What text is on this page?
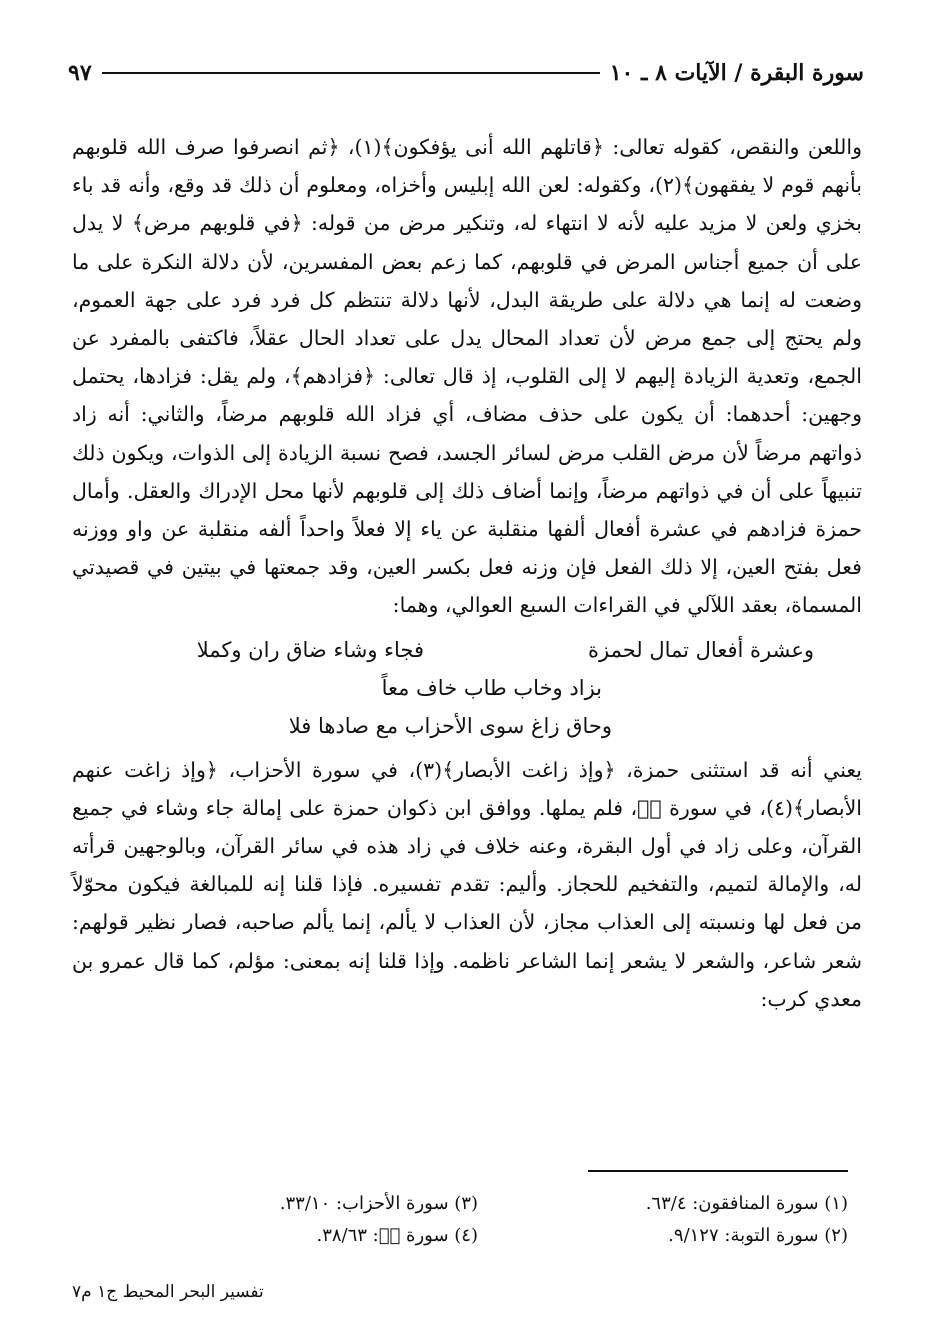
سورة البقرة / الآيات ٨ ـ ١٠
٩٧

واللعن والنقص، كقوله تعالى: ﴿قاتلهم الله أنى يؤفكون﴾(١)، ﴿ثم انصرفوا صرف الله قلوبهم بأنهم قوم لا يفقهون﴾(٢)، وكقوله: لعن الله إبليس وأخزاه، ومعلوم أن ذلك قد وقع، وأنه قد باء بخزي ولعن لا مزيد عليه لأنه لا انتهاء له، وتنكير مرض من قوله: ﴿في قلوبهم مرض﴾ لا يدل على أن جميع أجناس المرض في قلوبهم، كما زعم بعض المفسرين، لأن دلالة النكرة على ما وضعت له إنما هي دلالة على طريقة البدل، لأنها دلالة تنتظم كل فرد فرد على جهة العموم، ولم يحتج إلى جمع مرض لأن تعداد المحال يدل على تعداد الحال عقلاً، فاكتفى بالمفرد عن الجمع، وتعدية الزيادة إليهم لا إلى القلوب، إذ قال تعالى: ﴿فزادهم﴾، ولم يقل: فزادها، يحتمل وجهين: أحدهما: أن يكون على حذف مضاف، أي فزاد الله قلوبهم مرضاً، والثاني: أنه زاد ذواتهم مرضاً لأن مرض القلب مرض لسائر الجسد، فصح نسبة الزيادة إلى الذوات، ويكون ذلك تنبيهاً على أن في ذواتهم مرضاً، وإنما أضاف ذلك إلى قلوبهم لأنها محل الإدراك والعقل. وأمال حمزة فزادهم في عشرة أفعال ألفها منقلبة عن ياء إلا فعلاً واحداً ألفه منقلبة عن واو ووزنه فعل بفتح العين، إلا ذلك الفعل فإن وزنه فعل بكسر العين، وقد جمعتها في بيتين في قصيدتي المسماة، بعقد اللآلي في القراءات السبع العوالي، وهما:

وعشرة أفعال تمال لحمزة
فجاء وشاء ضاق ران وكملا
بزاد وخاب طاب خاف معاً
وحاق زاغ سوى الأحزاب مع صادها فلا

يعني أنه قد استثنى حمزة، ﴿وإذ زاغت الأبصار﴾(٣)، في سورة الأحزاب، ﴿وإذ زاغت عنهم الأبصار﴾(٤)، في سورة صۤ، فلم يملها. ووافق ابن ذكوان حمزة على إمالة جاء وشاء في جميع القرآن، وعلى زاد في أول البقرة، وعنه خلاف في زاد هذه في سائر القرآن، وبالوجهين قرأته له، والإمالة لتميم، والتفخيم للحجاز. وأليم: تقدم تفسيره. فإذا قلنا إنه للمبالغة فيكون محوّلاً من فعل لها ونسبته إلى العذاب مجاز، لأن العذاب لا يألم، إنما يألم صاحبه، فصار نظير قولهم: شعر شاعر، والشعر لا يشعر إنما الشاعر ناظمه. وإذا قلنا إنه بمعنى: مؤلم، كما قال عمرو بن معدي كرب:

(١) سورة المنافقون: ٦٣/٤.
(٣) سورة الأحزاب: ٣٣/١٠.
(٢) سورة التوبة: ٩/١٢٧.
(٤) سورة صۤ: ٣٨/٦٣.
تفسير البحر المحيط ج١ م٧
